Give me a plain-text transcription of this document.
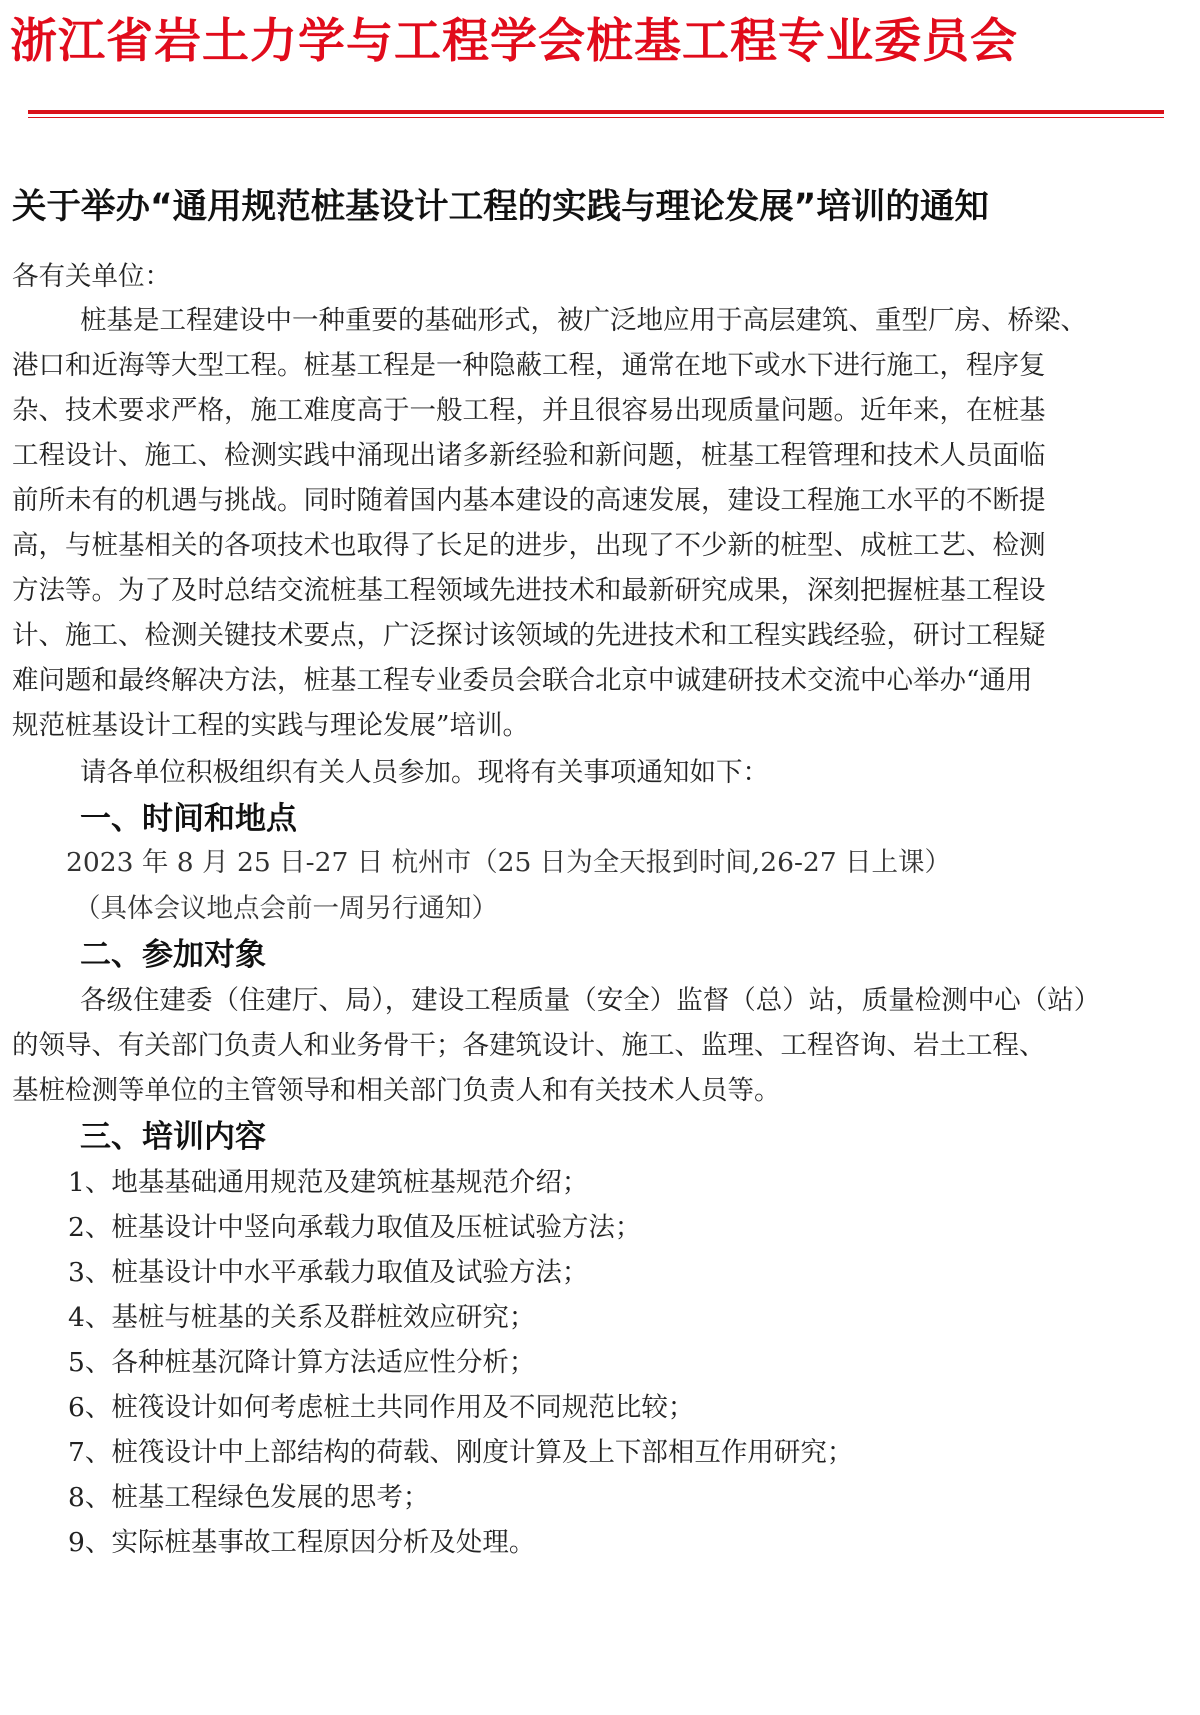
浙江省岩土力学与工程学会桩基工程专业委员会
关于举办“通用规范桩基设计工程的实践与理论发展”培训的通知
各有关单位：
桩基是工程建设中一种重要的基础形式，被广泛地应用于高层建筑、重型厂房、桥梁、
港口和近海等大型工程。桩基工程是一种隐蔽工程，通常在地下或水下进行施工，程序复
杂、技术要求严格，施工难度高于一般工程，并且很容易出现质量问题。近年来，在桩基
工程设计、施工、检测实践中涌现出诸多新经验和新问题，桩基工程管理和技术人员面临
前所未有的机遇与挑战。同时随着国内基本建设的高速发展，建设工程施工水平的不断提
高，与桩基相关的各项技术也取得了长足的进步，出现了不少新的桩型、成桩工艺、检测
方法等。为了及时总结交流桩基工程领域先进技术和最新研究成果，深刻把握桩基工程设
计、施工、检测关键技术要点，广泛探讨该领域的先进技术和工程实践经验，研讨工程疑
难问题和最终解决方法，桩基工程专业委员会联合北京中诚建研技术交流中心举办“通用
规范桩基设计工程的实践与理论发展”培训。
请各单位积极组织有关人员参加。现将有关事项通知如下：
一、时间和地点
2023 年 8 月 25 日-27 日 杭州市（25 日为全天报到时间,26-27 日上课）
（具体会议地点会前一周另行通知）
二、参加对象
各级住建委（住建厅、局），建设工程质量（安全）监督（总）站，质量检测中心（站）
的领导、有关部门负责人和业务骨干；各建筑设计、施工、监理、工程咨询、岩土工程、
基桩检测等单位的主管领导和相关部门负责人和有关技术人员等。
三、培训内容
1、地基基础通用规范及建筑桩基规范介绍；
2、桩基设计中竖向承载力取值及压桩试验方法；
3、桩基设计中水平承载力取值及试验方法；
4、基桩与桩基的关系及群桩效应研究；
5、各种桩基沉降计算方法适应性分析；
6、桩筏设计如何考虑桩土共同作用及不同规范比较；
7、桩筏设计中上部结构的荷载、刚度计算及上下部相互作用研究；
8、桩基工程绿色发展的思考；
9、实际桩基事故工程原因分析及处理。
